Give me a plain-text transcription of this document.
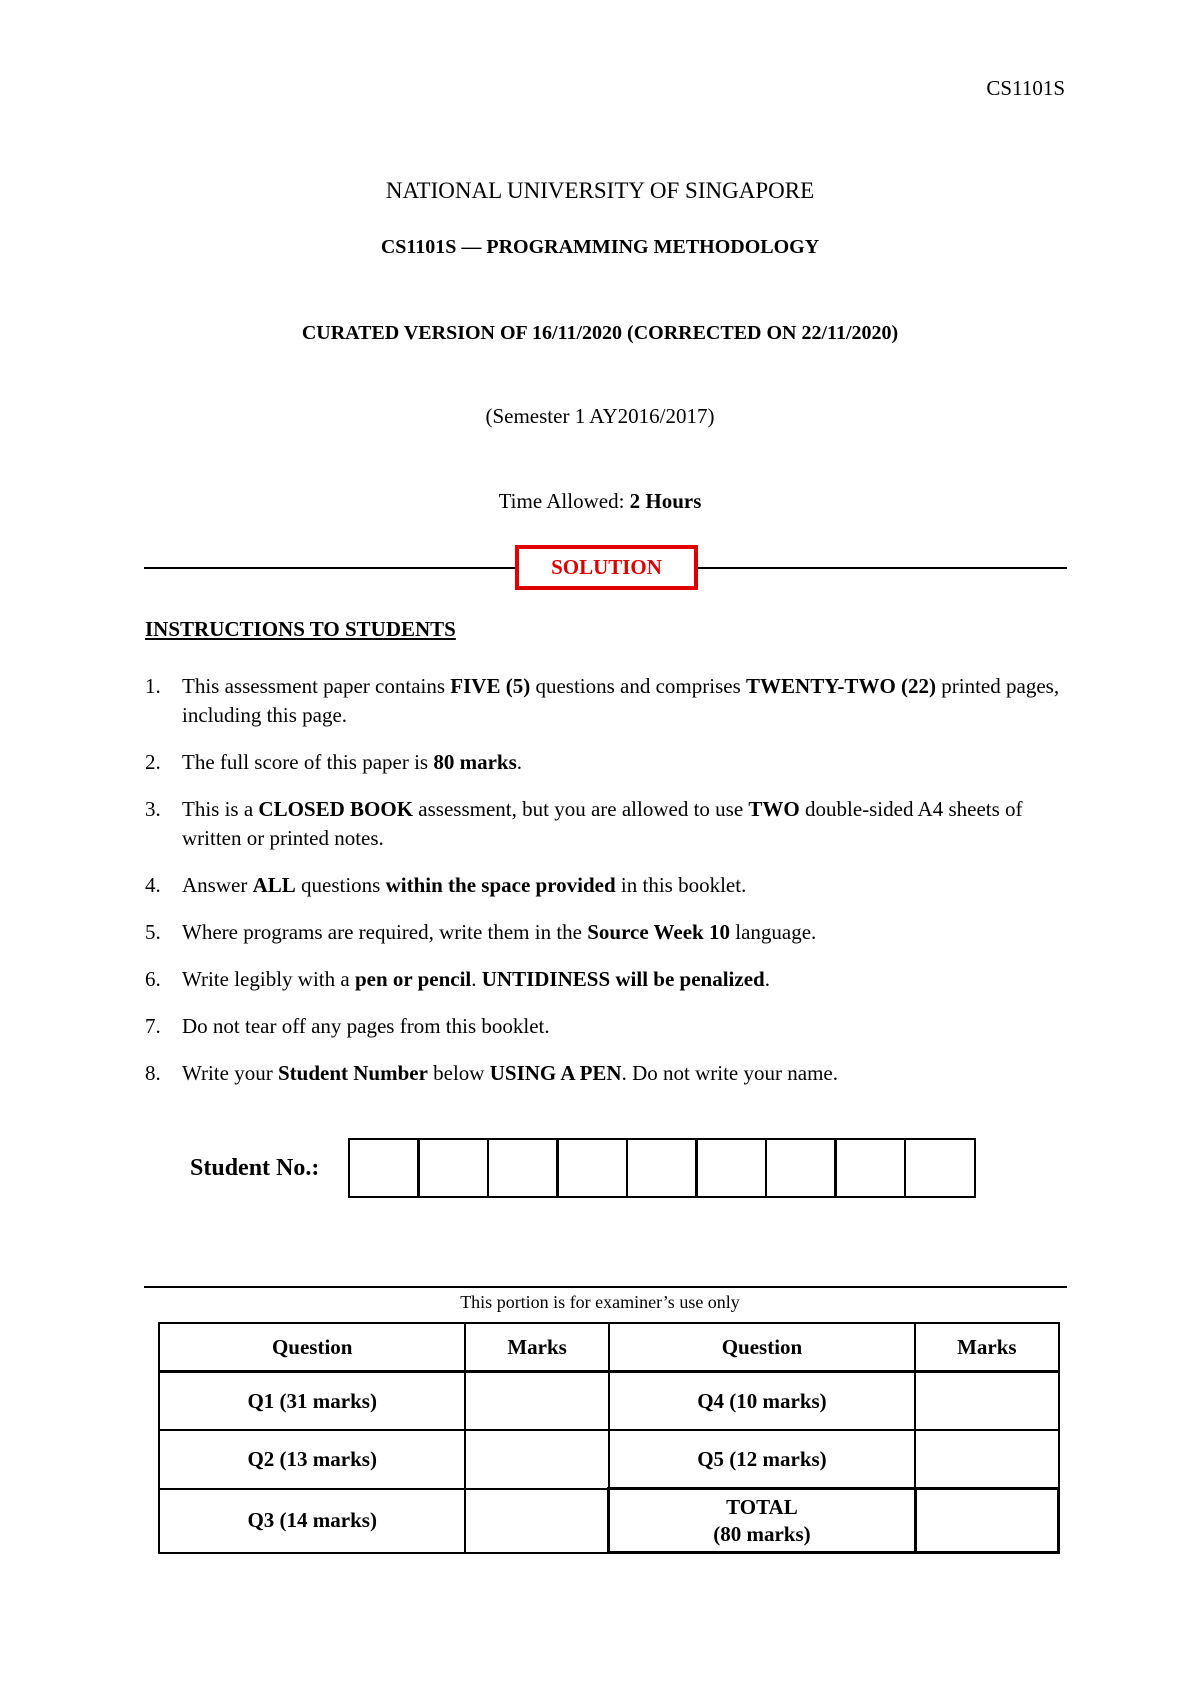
CS1101S
NATIONAL UNIVERSITY OF SINGAPORE
CS1101S — PROGRAMMING METHODOLOGY
CURATED VERSION OF 16/11/2020 (CORRECTED ON 22/11/2020)
(Semester 1 AY2016/2017)
Time Allowed: 2 Hours
SOLUTION
INSTRUCTIONS TO STUDENTS
1. This assessment paper contains FIVE (5) questions and comprises TWENTY-TWO (22) printed pages, including this page.
2. The full score of this paper is 80 marks.
3. This is a CLOSED BOOK assessment, but you are allowed to use TWO double-sided A4 sheets of written or printed notes.
4. Answer ALL questions within the space provided in this booklet.
5. Where programs are required, write them in the Source Week 10 language.
6. Write legibly with a pen or pencil. UNTIDINESS will be penalized.
7. Do not tear off any pages from this booklet.
8. Write your Student Number below USING A PEN. Do not write your name.
Student No.:
This portion is for examiner’s use only
Question	Marks	Question	Marks
Q1 (31 marks)		Q4 (10 marks)	
Q2 (13 marks)		Q5 (12 marks)	
Q3 (14 marks)		TOTAL
(80 marks)	
